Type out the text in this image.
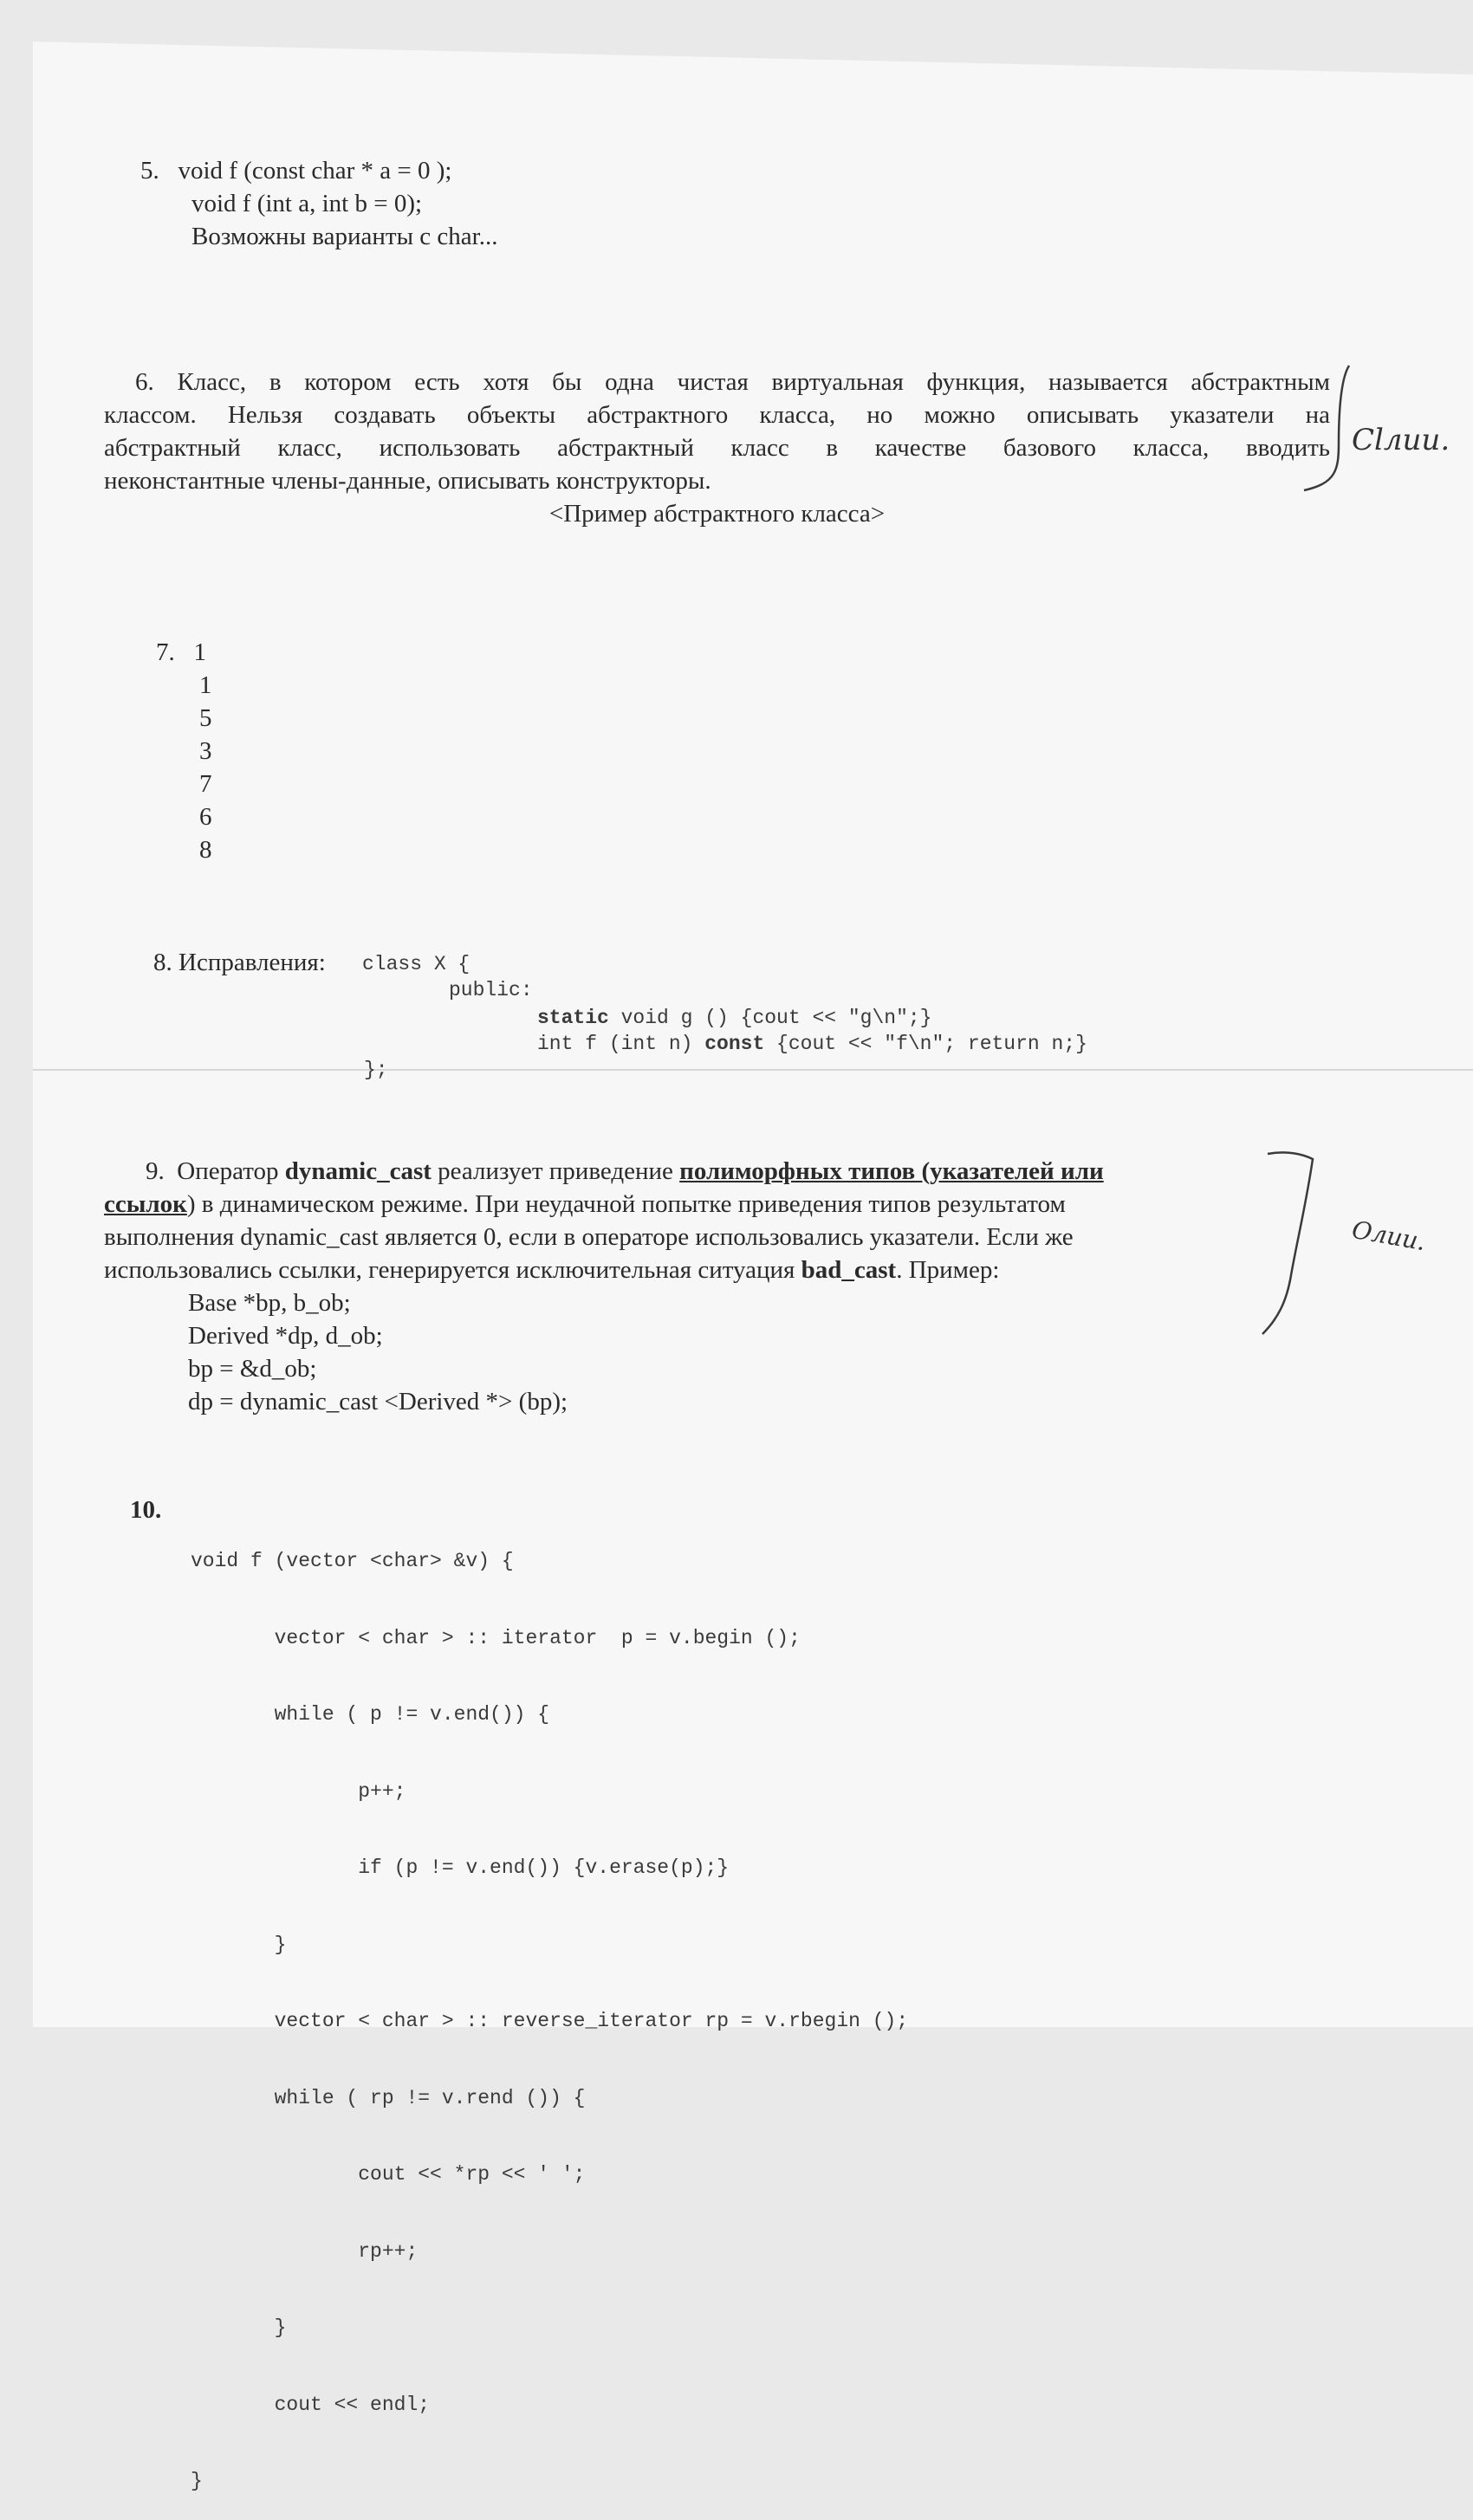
5. void f (const char * a = 0 );
void f (int a, int b = 0);
Возможны варианты с char...
6. Класс, в котором есть хотя бы одна чистая виртуальная функция, называется абстрактным
классом. Нельзя создавать объекты абстрактного класса, но можно описывать указатели на
абстрактный класс, использовать абстрактный класс в качестве базового класса, вводить
неконстантные члены-данные, описывать конструкторы.
<Пример абстрактного класса>
Сlлии.
7. 1
1
5
3
7
6
8
8. Исправления: class X {
public:
static void g () {cout << "g\n";}
int f (int n) const {cout << "f\n"; return n;}
};
9. Оператор dynamic_cast реализует приведение полиморфных типов (указателей или
ссылок) в динамическом режиме. При неудачной попытке приведения типов результатом
выполнения dynamic_cast является 0, если в операторе использовались указатели. Если же
использовались ссылки, генерируется исключительная ситуация bad_cast. Пример:
Base *bp, b_ob;
Derived *dp, d_ob;
bp = &d_ob;
dp = dynamic_cast <Derived *> (bp);
Oлии.
10.

void f (vector <char> &v) {

vector < char > :: iterator  p = v.begin ();

while ( p != v.end()) {

p++;

if (p != v.end()) {v.erase(p);}

}

vector < char > :: reverse_iterator rp = v.rbegin ();

while ( rp != v.rend ()) {

cout << *rp << ' ';

rp++;

}

cout << endl;

}
